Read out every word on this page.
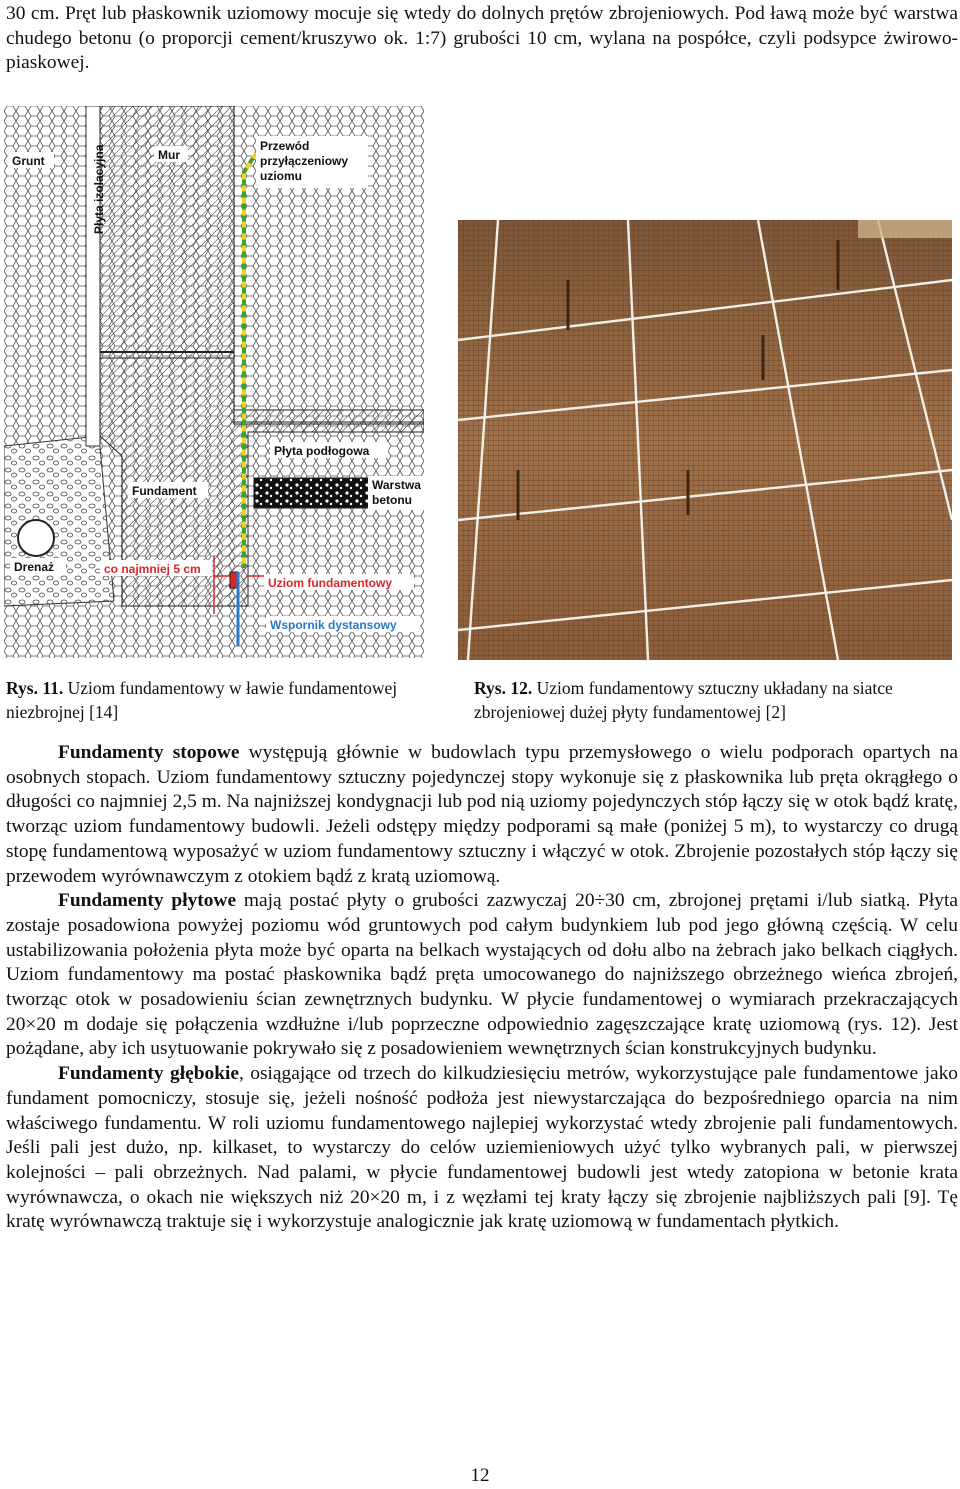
30 cm. Pręt lub płaskownik uziomowy mocuje się wtedy do dolnych prętów zbrojeniowych. Pod ławą może być warstwa chudego betonu (o proporcji cement/kruszywo ok. 1:7) grubości 10 cm, wylana na pospółce, czyli podsypce żwirowo-piaskowej.

Grunt	Mur
Płyta izolacyjna	Przewód
przyłączeniowy
uziomu
Płyta podłogowa
Fundament	Warstwa
betonu
Drenaż	co najmniej 5 cm
Uziom fundamentowy
Wspornik dystansowy

Rys. 11. Uziom fundamentowy w ławie fundamentowej niezbrojnej [14]

Rys. 12. Uziom fundamentowy sztuczny układany na siatce zbrojeniowej dużej płyty fundamentowej [2]

Fundamenty stopowe występują głównie w budowlach typu przemysłowego o wielu podporach opartych na osobnych stopach. Uziom fundamentowy sztuczny pojedynczej stopy wykonuje się z płaskownika lub pręta okrągłego o długości co najmniej 2,5 m. Na najniższej kondygnacji lub pod nią uziomy pojedynczych stóp łączy się w otok bądź kratę, tworząc uziom fundamentowy budowli. Jeżeli odstępy między podporami są małe (poniżej 5 m), to wystarczy co drugą stopę fundamentową wyposażyć w uziom fundamentowy sztuczny i włączyć w otok. Zbrojenie pozostałych stóp łączy się przewodem wyrównawczym z otokiem bądź z kratą uziomową.

Fundamenty płytowe mają postać płyty o grubości zazwyczaj 20÷30 cm, zbrojonej prętami i/lub siatką. Płyta zostaje posadowiona powyżej poziomu wód gruntowych pod całym budynkiem lub pod jego główną częścią. W celu ustabilizowania położenia płyta może być oparta na belkach wystających od dołu albo na żebrach jako belkach ciągłych. Uziom fundamentowy ma postać płaskownika bądź pręta umocowanego do najniższego obrzeżnego wieńca zbrojeń, tworząc otok w posadowieniu ścian zewnętrznych budynku. W płycie fundamentowej o wymiarach przekraczających 20×20 m dodaje się połączenia wzdłużne i/lub poprzeczne odpowiednio zagęszczające kratę uziomową (rys. 12). Jest pożądane, aby ich usytuowanie pokrywało się z posadowieniem wewnętrznych ścian konstrukcyjnych budynku.

Fundamenty głębokie, osiągające od trzech do kilkudziesięciu metrów, wykorzystujące pale fundamentowe jako fundament pomocniczy, stosuje się, jeżeli nośność podłoża jest niewystarczająca do bezpośredniego oparcia na nim właściwego fundamentu. W roli uziomu fundamentowego najlepiej wykorzystać wtedy zbrojenie pali fundamentowych. Jeśli pali jest dużo, np. kilkaset, to wystarczy do celów uziemieniowych użyć tylko wybranych pali, w pierwszej kolejności – pali obrzeżnych. Nad palami, w płycie fundamentowej budowli jest wtedy zatopiona w betonie krata wyrównawcza, o okach nie większych niż 20×20 m, i z węzłami tej kraty łączy się zbrojenie najbliższych pali [9]. Tę kratę wyrównawczą traktuje się i wykorzystuje analogicznie jak kratę uziomową w fundamentach płytkich.

12
